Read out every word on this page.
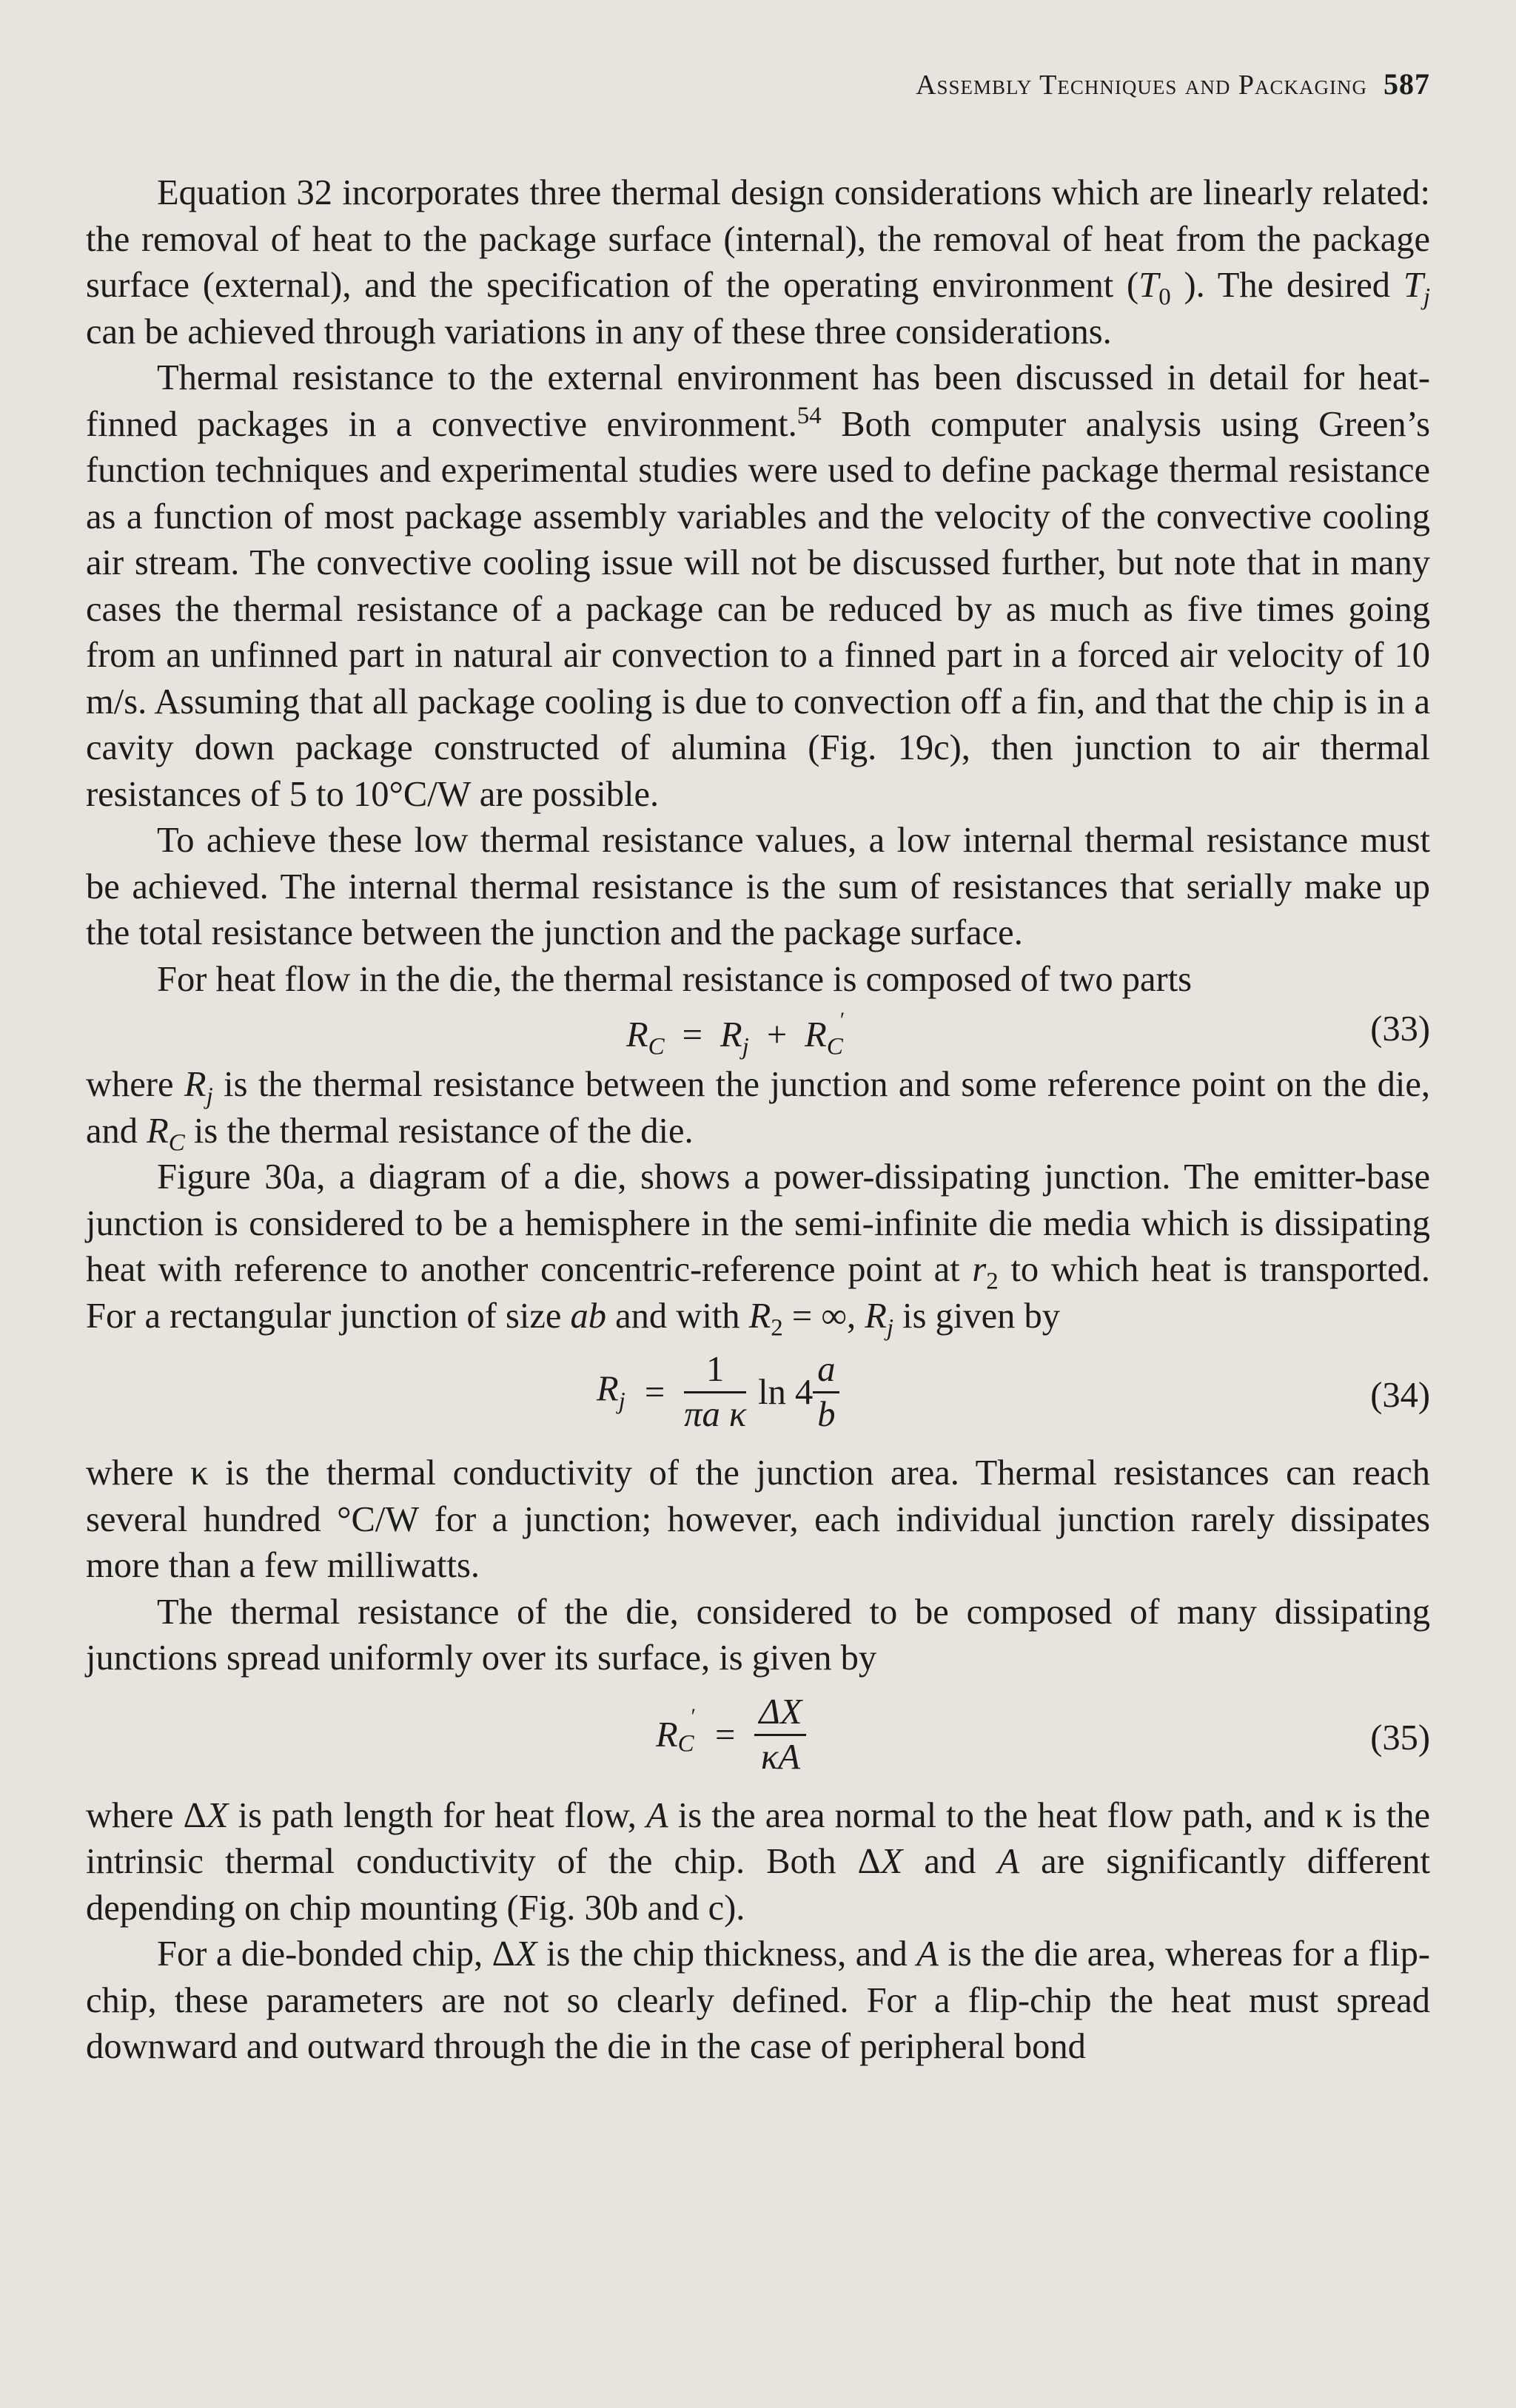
Assembly Techniques and Packaging 587

Equation 32 incorporates three thermal design considerations which are linearly related: the removal of heat to the package surface (internal), the removal of heat from the package surface (external), and the specification of the operating environment ($T_0$ ). The desired $T_j$ can be achieved through variations in any of these three considerations.

Thermal resistance to the external environment has been discussed in detail for heat-finned packages in a convective environment.$^{54}$ Both computer analysis using Green’s function techniques and experimental studies were used to define package thermal resistance as a function of most package assembly variables and the velocity of the convective cooling air stream. The convective cooling issue will not be discussed further, but note that in many cases the thermal resistance of a package can be reduced by as much as five times going from an unfinned part in natural air convection to a finned part in a forced air velocity of 10 m/s. Assuming that all package cooling is due to convection off a fin, and that the chip is in a cavity down package constructed of alumina (Fig. 19c), then junction to air thermal resistances of 5 to 10°C/W are possible.

To achieve these low thermal resistance values, a low internal thermal resistance must be achieved. The internal thermal resistance is the sum of resistances that serially make up the total resistance between the junction and the package surface.

For heat flow in the die, the thermal resistance is composed of two parts

$R_C = R_j + R_C'$	(33)

where $R_j$ is the thermal resistance between the junction and some reference point on the die, and $R_C$ is the thermal resistance of the die.

Figure 30a, a diagram of a die, shows a power-dissipating junction. The emitter-base junction is considered to be a hemisphere in the semi-infinite die media which is dissipating heat with reference to another concentric-reference point at $r_2$ to which heat is transported. For a rectangular junction of size ab and with $R_2$ = ∞, $R_j$ is given by

$R_j = \frac{1}{\text{πa κ}}$ $\ln 4 \frac{a}{b}$	(34)

where κ is the thermal conductivity of the junction area. Thermal resistances can reach several hundred °C/W for a junction; however, each individual junction rarely dissipates more than a few milliwatts.

The thermal resistance of the die, considered to be composed of many dissipating junctions spread uniformly over its surface, is given by

$R_C' = \frac{\Delta X}{\kappa A}$	(35)

where ΔX is path length for heat flow, A is the area normal to the heat flow path, and κ is the intrinsic thermal conductivity of the chip. Both ΔX and A are significantly different depending on chip mounting (Fig. 30b and c).

For a die-bonded chip, ΔX is the chip thickness, and A is the die area, whereas for a flip-chip, these parameters are not so clearly defined. For a flip-chip the heat must spread downward and outward through the die in the case of peripheral bond
